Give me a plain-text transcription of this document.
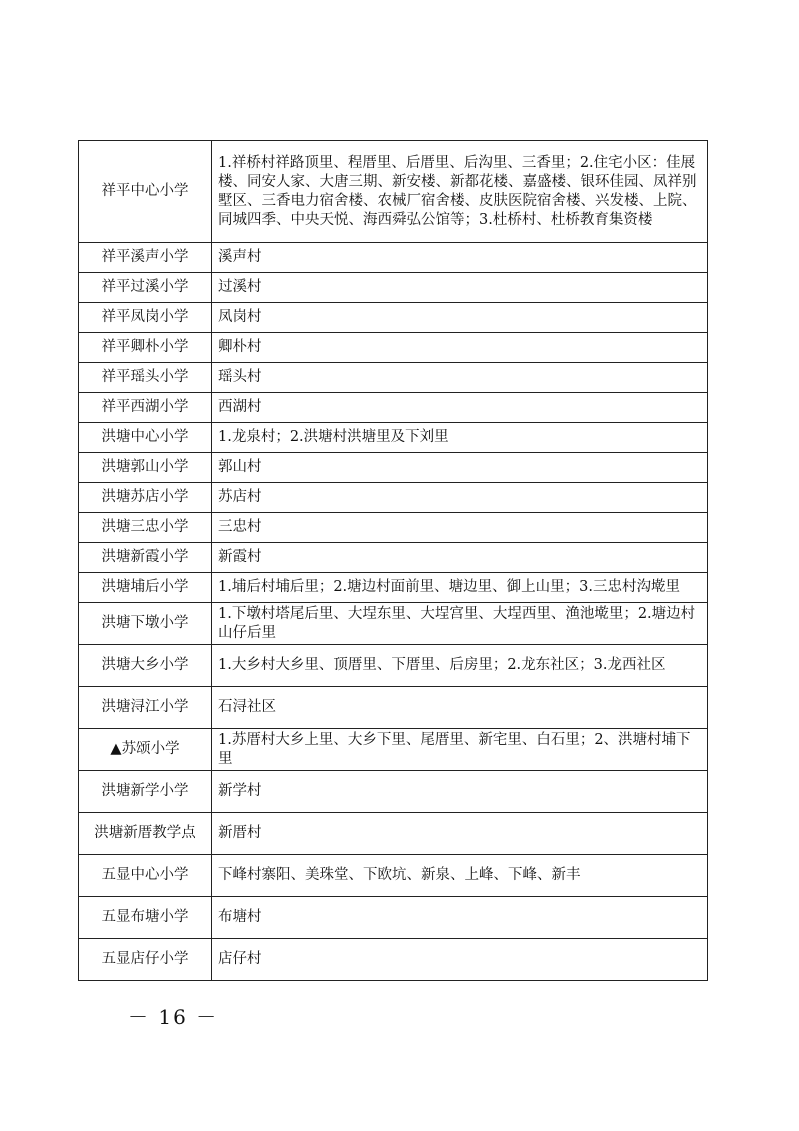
祥平中心小学	1.祥桥村祥路顶里、程厝里、后厝里、后沟里、三香里；2.住宅小区：佳展楼、同安人家、大唐三期、新安楼、新都花楼、嘉盛楼、银环佳园、凤祥别墅区、三香电力宿舍楼、农械厂宿舍楼、皮肤医院宿舍楼、兴发楼、上院、同城四季、中央天悦、海西舜弘公馆等；3.杜桥村、杜桥教育集资楼
祥平溪声小学	溪声村
祥平过溪小学	过溪村
祥平凤岗小学	凤岗村
祥平卿朴小学	卿朴村
祥平瑶头小学	瑶头村
祥平西湖小学	西湖村
洪塘中心小学	1.龙泉村；2.洪塘村洪塘里及下刘里
洪塘郭山小学	郭山村
洪塘苏店小学	苏店村
洪塘三忠小学	三忠村
洪塘新霞小学	新霞村
洪塘埔后小学	1.埔后村埔后里；2.塘边村面前里、塘边里、御上山里；3.三忠村沟墘里
洪塘下墩小学	1.下墩村塔尾后里、大埕东里、大埕宫里、大埕西里、渔池墘里；2.塘边村山仔后里
洪塘大乡小学	1.大乡村大乡里、顶厝里、下厝里、后房里；2.龙东社区；3.龙西社区
洪塘浔江小学	石浔社区
▲苏颂小学	1.苏厝村大乡上里、大乡下里、尾厝里、新宅里、白石里；2、洪塘村埔下里
洪塘新学小学	新学村
洪塘新厝教学点	新厝村
五显中心小学	下峰村寨阳、美珠堂、下欧坑、新泉、上峰、下峰、新丰
五显布塘小学	布塘村
五显店仔小学	店仔村
－ 16 －
